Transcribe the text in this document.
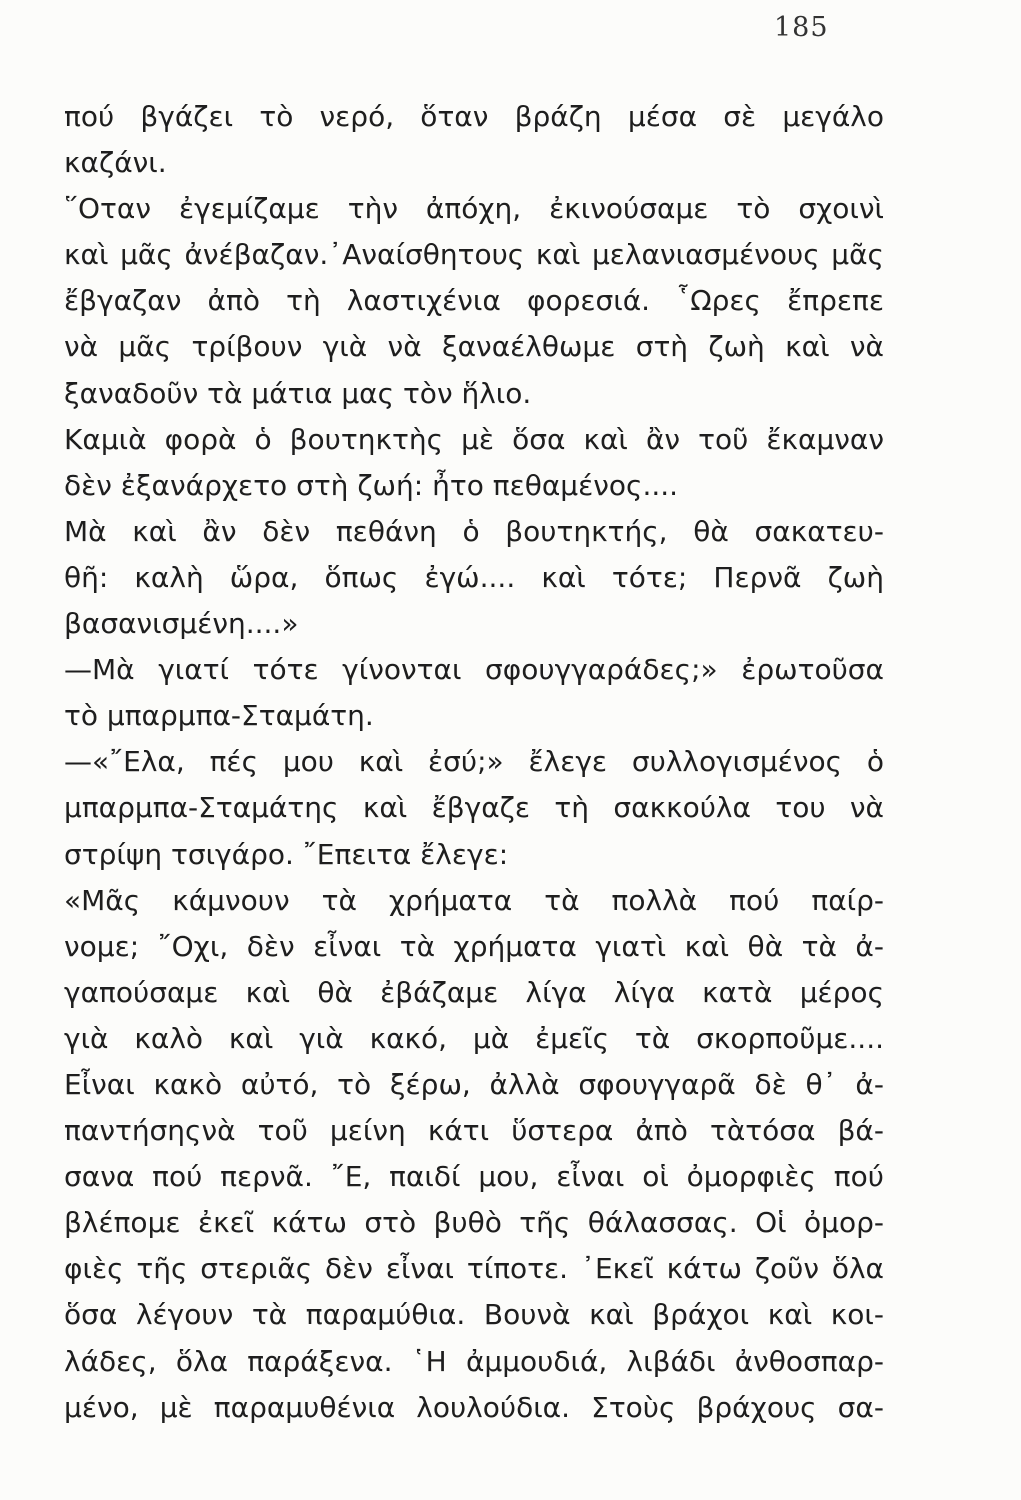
185
πού βγάζει τὸ νερό, ὅταν βράζη μέσα σὲ μεγάλο
καζάνι.
῞Οταν ἐγεμίζαμε τὴν ἀπόχη, ἐκινούσαμε τὸ σχοινὶ
καὶ μᾶς ἀνέβαζαν.᾿Αναίσθητους καὶ μελανιασμένους μᾶς
ἔβγαζαν ἀπὸ τὴ λαστιχένια φορεσιά. ῟Ωρες ἔπρεπε
νὰ μᾶς τρίβουν γιὰ νὰ ξαναέλθωμε στὴ ζωὴ καὶ νὰ
ξαναδοῦν τὰ μάτια μας τὸν ἥλιο.
Καμιὰ φορὰ ὁ βουτηκτὴς μὲ ὅσα καὶ ἂν τοῦ ἔκαμναν
δὲν ἐξανάρχετο στὴ ζωή: ἦτο πεθαμένος....
Μὰ καὶ ἂν δὲν πεθάνη ὁ βουτηκτής, θὰ σακατευ-
θῆ: καλὴ ὥρα, ὅπως ἐγώ.... καὶ τότε; Περνᾶ ζωὴ
βασανισμένη....»
—Μὰ γιατί τότε γίνονται σφουγγαράδες;» ἐρωτοῦσα
τὸ μπαρμπα-Σταμάτη.
—«῎Ελα, πές μου καὶ ἐσύ;» ἔλεγε συλλογισμένος ὁ
μπαρμπα-Σταμάτης καὶ ἔβγαζε τὴ σακκούλα του νὰ
στρίψη τσιγάρο. ῎Επειτα ἔλεγε:
«Μᾶς κάμνουν τὰ χρήματα τὰ πολλὰ πού παίρ-
νομε; ῎Οχι, δὲν εἶναι τὰ χρήματα γιατὶ καὶ θὰ τὰ ἀ-
γαπούσαμε καὶ θὰ ἐβάζαμε λίγα λίγα κατὰ μέρος
γιὰ καλὸ καὶ γιὰ κακό, μὰ ἐμεῖς τὰ σκορποῦμε....
Εἶναι κακὸ αὐτό, τὸ ξέρω, ἀλλὰ σφουγγαρᾶ δὲ θ᾿ ἀ-
παντήσηςνὰ τοῦ μείνη κάτι ὕστερα ἀπὸ τὰτόσα βά-
σανα πού περνᾶ. ῎Ε, παιδί μου, εἶναι οἱ ὀμορφιὲς πού
βλέπομε ἐκεῖ κάτω στὸ βυθὸ τῆς θάλασσας. Οἱ ὀμορ-
φιὲς τῆς στεριᾶς δὲν εἶναι τίποτε. ᾿Εκεῖ κάτω ζοῦν ὅλα
ὅσα λέγουν τὰ παραμύθια. Βουνὰ καὶ βράχοι καὶ κοι-
λάδες, ὅλα παράξενα. ῾Η ἀμμουδιά, λιβάδι ἀνθοσπαρ-
μένο, μὲ παραμυθένια λουλούδια. Στοὺς βράχους σα-
